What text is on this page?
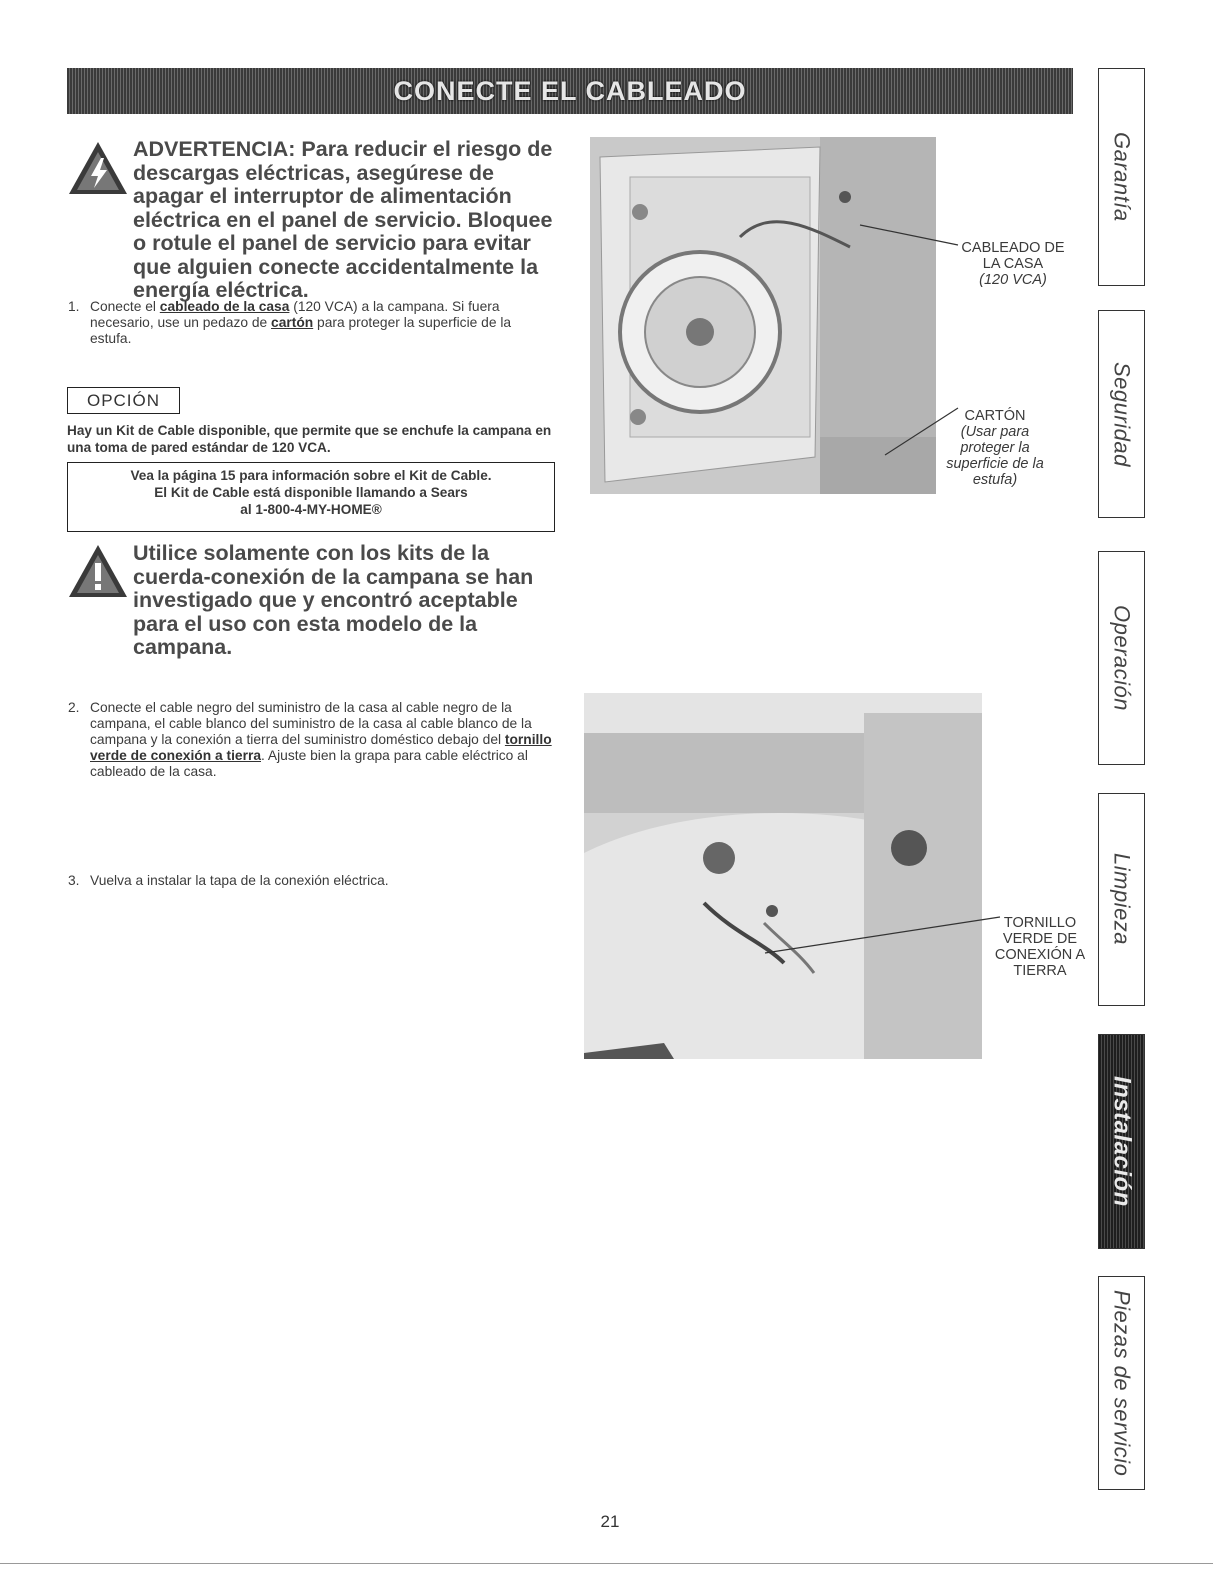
CONECTE EL CABLEADO
ADVERTENCIA: Para reducir el riesgo de descargas eléctricas, asegúrese de apagar el interruptor de alimentación eléctrica en el panel de servicio. Bloquee o rotule el panel de servicio para evitar que alguien conecte accidentalmente la energía eléctrica.
1. Conecte el cableado de la casa (120 VCA) a la campana. Si fuera necesario, use un pedazo de cartón para proteger la superficie de la estufa.
OPCIÓN
Hay un Kit de Cable disponible, que permite que se enchufe la campana en una toma de pared estándar de 120 VCA.
Vea la página 15 para información sobre el Kit de Cable.
El Kit de Cable está disponible llamando a Sears
al 1-800-4-MY-HOME®
Utilice solamente con los kits de la cuerda-conexión de la campana se han investigado que y encontró aceptable para el uso con esta modelo de la campana.
2. Conecte el cable negro del suministro de la casa al cable negro de la campana, el cable blanco del suministro de la casa al cable blanco de la campana y la conexión a tierra del suministro doméstico debajo del tornillo verde de conexión a tierra. Ajuste bien la grapa para cable eléctrico al cableado de la casa.
3. Vuelva a instalar la tapa de la conexión eléctrica.
CABLEADO DE
LA CASA
(120 VCA)
CARTÓN
(Usar para
proteger la
superficie de la
estufa)
TORNILLO
VERDE DE
CONEXIÓN A
TIERRA
Garantía
Seguridad
Operación
Limpieza
Instalación
Piezas de servicio
21
